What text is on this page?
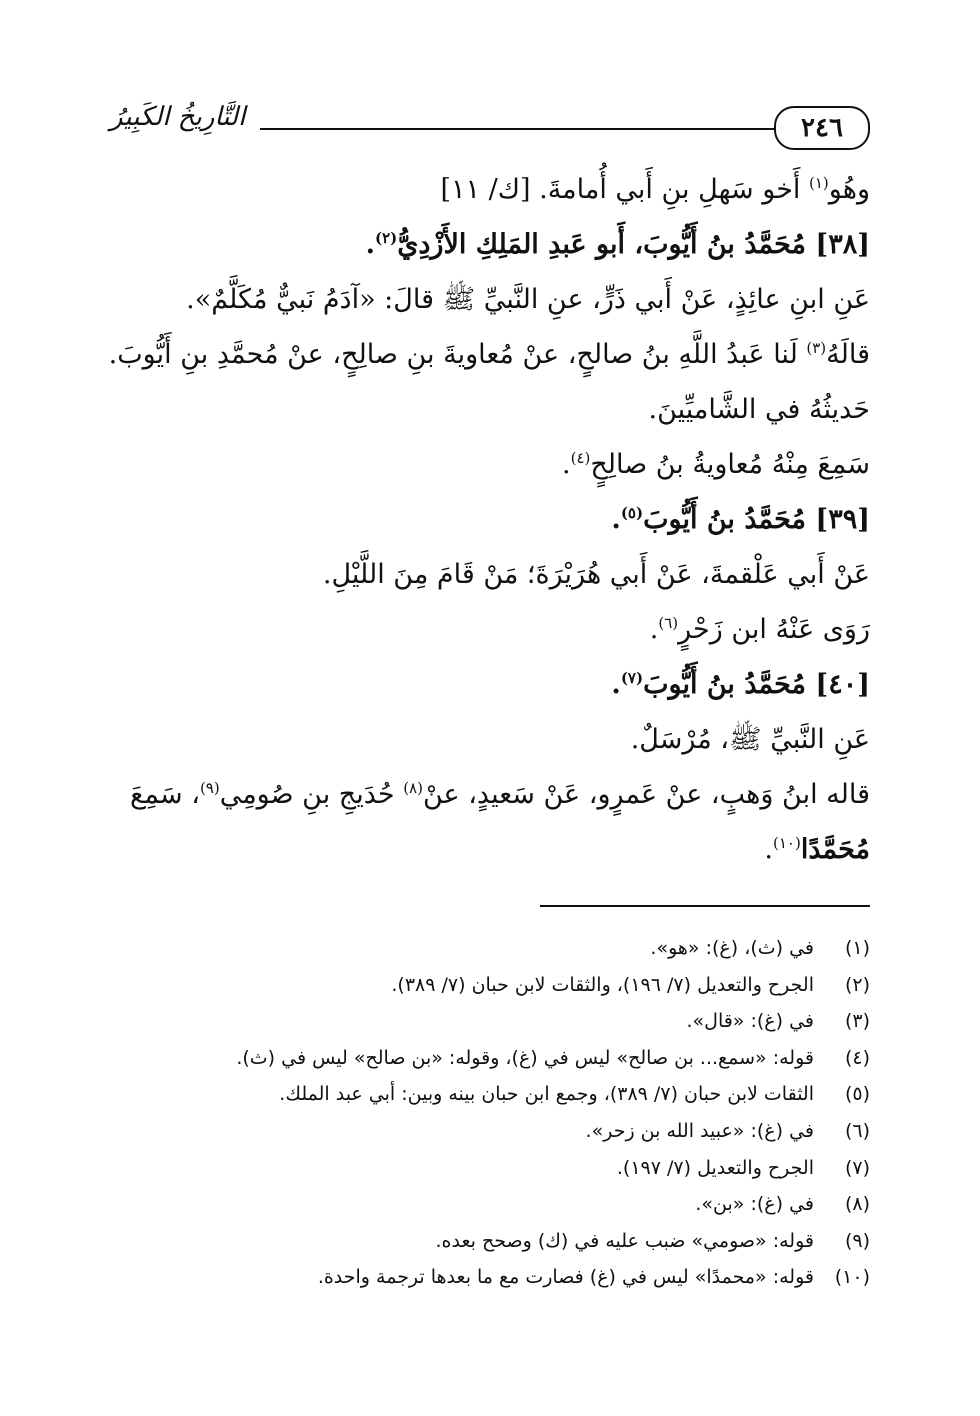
٢٤٦
التَّارِيخُ الكَبِيرُ
وهُو$^{(١)}$ أَخو سَهلِ بنِ أَبي أُمامةَ. [ك/ ١١]
[٣٨] مُحَمَّدُ بنُ أَيُّوبَ، أَبو عَبدِ المَلِكِ الأَزْدِيُّ$^{(٢)}$.
عَنِ ابنِ عائِذٍ، عَنْ أَبي ذَرٍّ، عنِ النَّبيِّ ﷺ قالَ: «آدَمُ نَبيٌّ مُكَلَّمٌ».
قالَهُ$^{(٣)}$ لَنا عَبدُ اللَّهِ بنُ صالحٍ، عنْ مُعاويةَ بنِ صالِحٍ، عنْ مُحمَّدِ بنِ أَيُّوبَ.
حَديثُهُ في الشَّاميِّينَ.
سَمِعَ مِنْهُ مُعاويةُ بنُ صالِحٍ$^{(٤)}$.
[٣٩] مُحَمَّدُ بنُ أَيُّوبَ$^{(٥)}$.
عَنْ أَبي عَلْقمةَ، عَنْ أَبي هُرَيْرَةَ؛ مَنْ قَامَ مِنَ اللَّيْلِ.
رَوَى عَنْهُ ابن زَحْرٍ$^{(٦)}$.
[٤٠] مُحَمَّدُ بنُ أَيُّوبَ$^{(٧)}$.
عَنِ النَّبيِّ ﷺ، مُرْسَلٌ.
قاله ابنُ وَهبٍ، عنْ عَمرٍو، عَنْ سَعيدٍ، عنْ$^{(٨)}$ حُدَيجِ بنِ صُومِي$^{(٩)}$، سَمِعَ
مُحَمَّدًا$^{(١٠)}$.
(١)في (ث)، (غ): «هو».
(٢)الجرح والتعديل (٧/ ١٩٦)، والثقات لابن حبان (٧/ ٣٨٩).
(٣)في (غ): «قال».
(٤)قوله: «سمع... بن صالح» ليس في (غ)، وقوله: «بن صالح» ليس في (ث).
(٥)الثقات لابن حبان (٧/ ٣٨٩)، وجمع ابن حبان بينه وبين: أبي عبد الملك.
(٦)في (غ): «عبيد الله بن زحر».
(٧)الجرح والتعديل (٧/ ١٩٧).
(٨)في (غ): «بن».
(٩)قوله: «صومي» ضبب عليه في (ك) وصحح بعده.
(١٠)قوله: «محمدًا» ليس في (غ) فصارت مع ما بعدها ترجمة واحدة.
